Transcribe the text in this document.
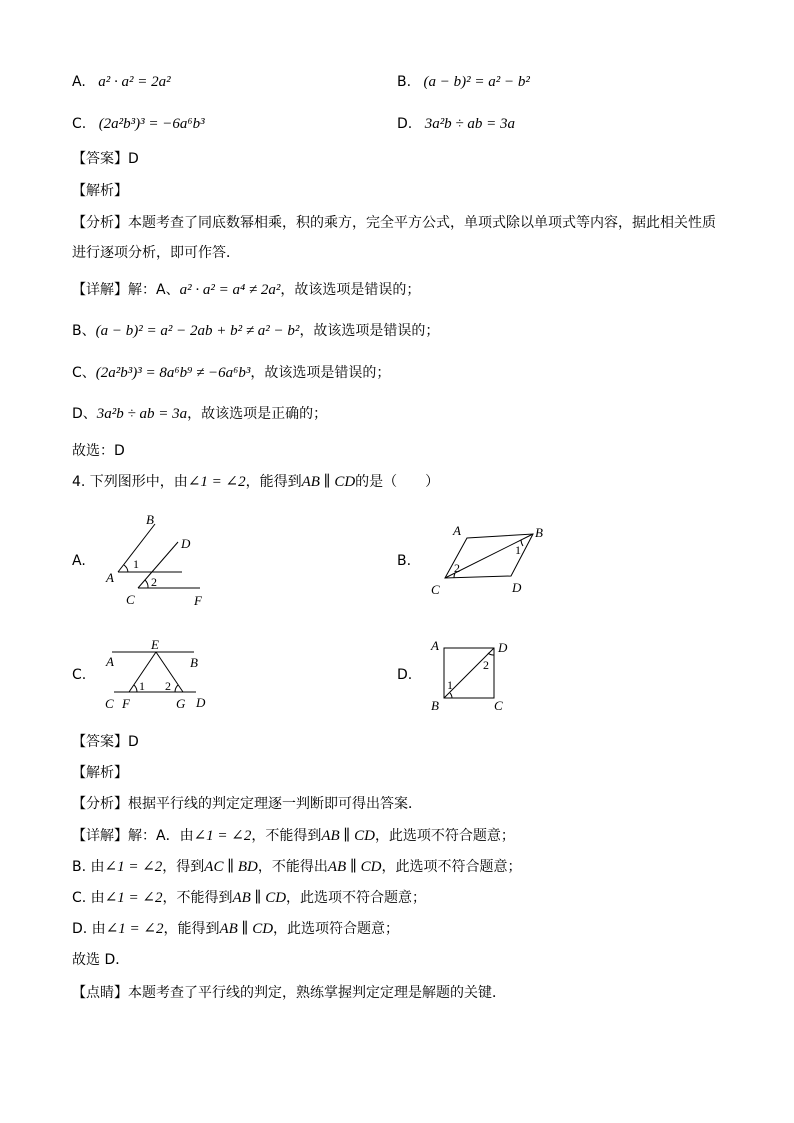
A. a² · a² = 2a²	B. (a − b)² = a² − b²
C. (2a²b³)³ = −6a⁶b³	D. 3a²b ÷ ab = 3a
【答案】D
【解析】
【分析】本题考查了同底数幂相乘，积的乘方，完全平方公式，单项式除以单项式等内容，据此相关性质
进行逐项分析，即可作答．
【详解】解：A、a² · a² = a⁴ ≠ 2a²，故该选项是错误的；
B、(a − b)² = a² − 2ab + b² ≠ a² − b²，故该选项是错误的；
C、(2a²b³)³ = 8a⁶b⁹ ≠ −6a⁶b³，故该选项是错误的；
D、3a²b ÷ ab = 3a，故该选项是正确的；
故选：D
4. 下列图形中，由∠1 = ∠2，能得到AB ∥ CD的是（　　）
A.	B.
C.	D.
B
D
A
C	F
1
2
A	B
C	D
1
2
E
A	B
C F	G D
1 2
A	D
B	C
1
2
【答案】D
【解析】
【分析】根据平行线的判定定理逐一判断即可得出答案．
【详解】解：A．由∠1 = ∠2，不能得到AB ∥ CD，此选项不符合题意；
B. 由∠1 = ∠2，得到AC ∥ BD，不能得出AB ∥ CD，此选项不符合题意；
C. 由∠1 = ∠2，不能得到AB ∥ CD，此选项不符合题意；
D. 由∠1 = ∠2，能得到AB ∥ CD，此选项符合题意；
故选 D．
【点睛】本题考查了平行线的判定，熟练掌握判定定理是解题的关键．
